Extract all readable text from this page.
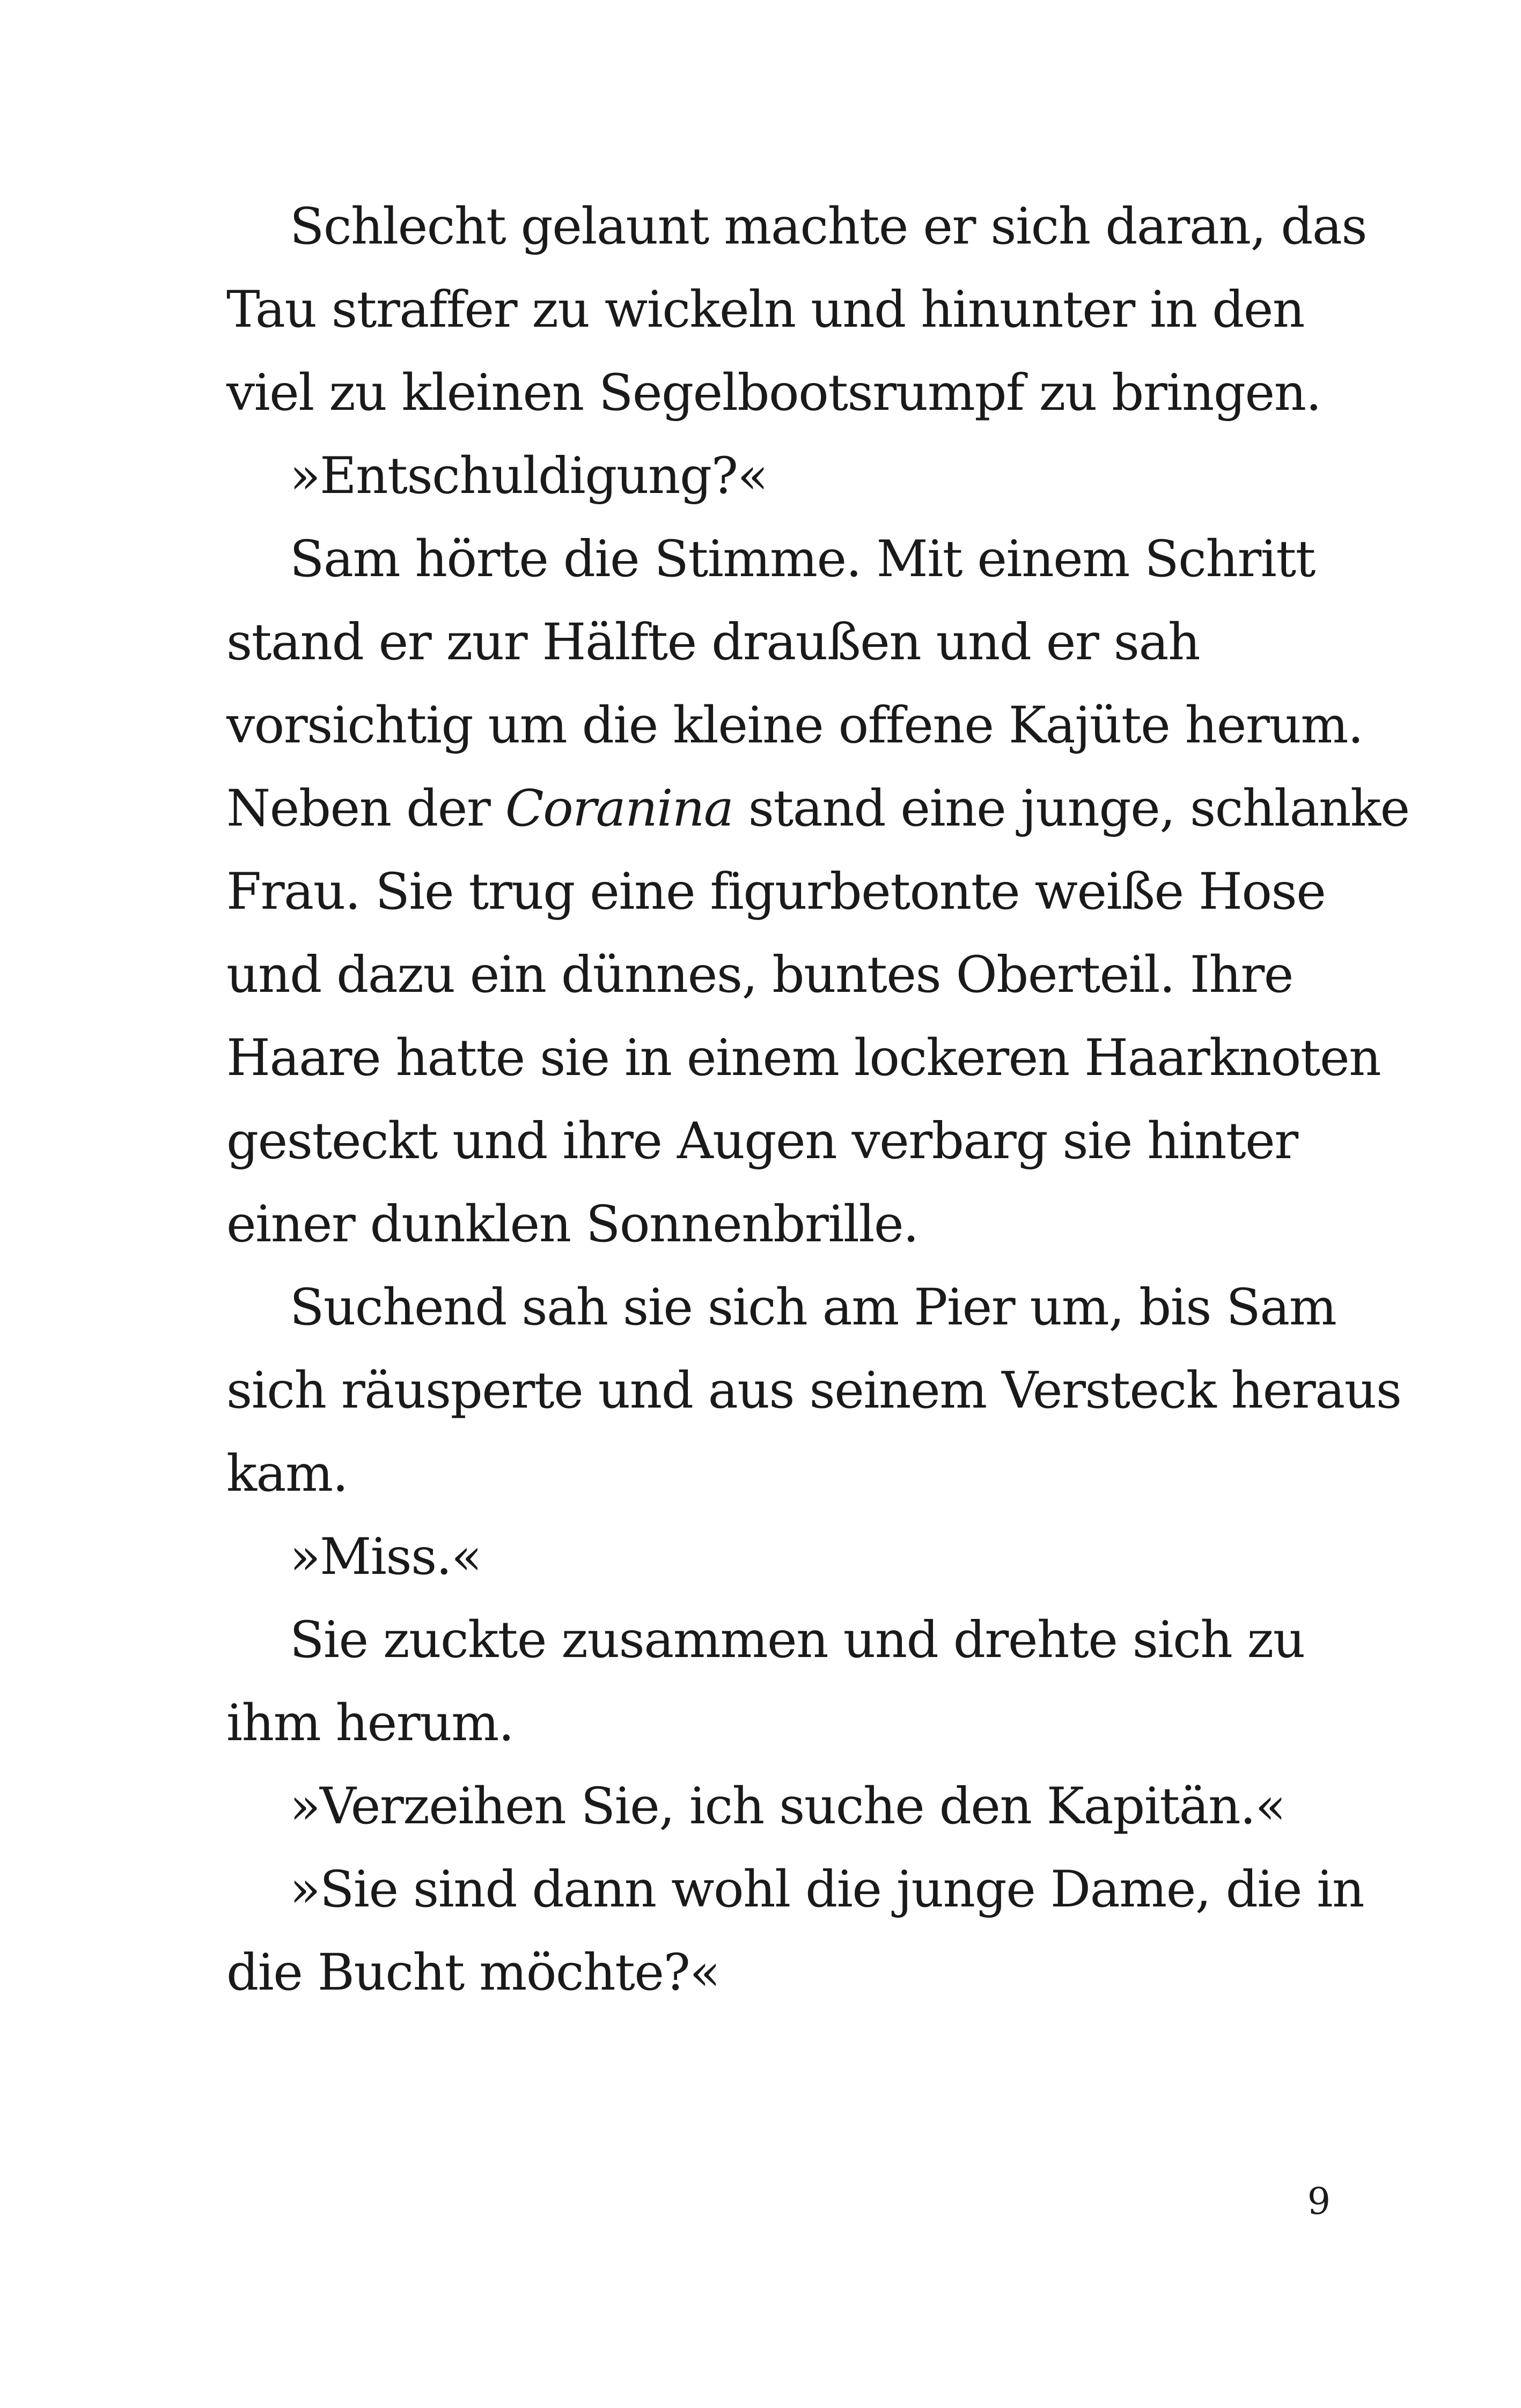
Schlecht gelaunt machte er sich daran, das
Tau straffer zu wickeln und hinunter in den
viel zu kleinen Segelbootsrumpf zu bringen.
»Entschuldigung?«
Sam hörte die Stimme. Mit einem Schritt
stand er zur Hälfte draußen und er sah
vorsichtig um die kleine offene Kajüte herum.
Neben der Coranina stand eine junge, schlanke
Frau. Sie trug eine figurbetonte weiße Hose
und dazu ein dünnes, buntes Oberteil. Ihre
Haare hatte sie in einem lockeren Haarknoten
gesteckt und ihre Augen verbarg sie hinter
einer dunklen Sonnenbrille.
Suchend sah sie sich am Pier um, bis Sam
sich räusperte und aus seinem Versteck heraus
kam.
»Miss.«
Sie zuckte zusammen und drehte sich zu
ihm herum.
»Verzeihen Sie, ich suche den Kapitän.«
»Sie sind dann wohl die junge Dame, die in
die Bucht möchte?«
9
